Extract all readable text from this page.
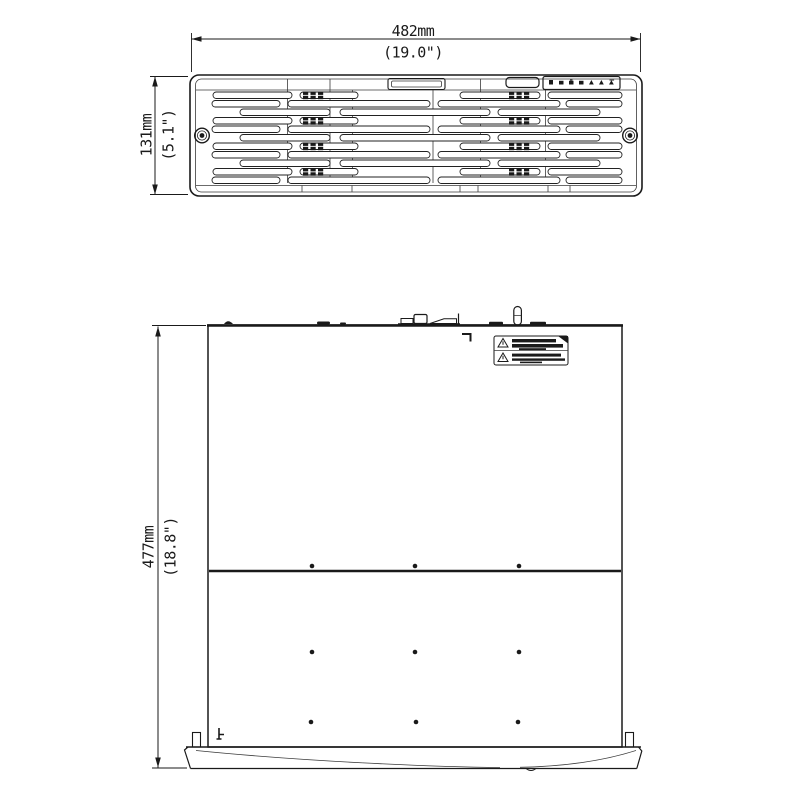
482mm
(19.0")
131mm (5.1")
477mm (18.8")
